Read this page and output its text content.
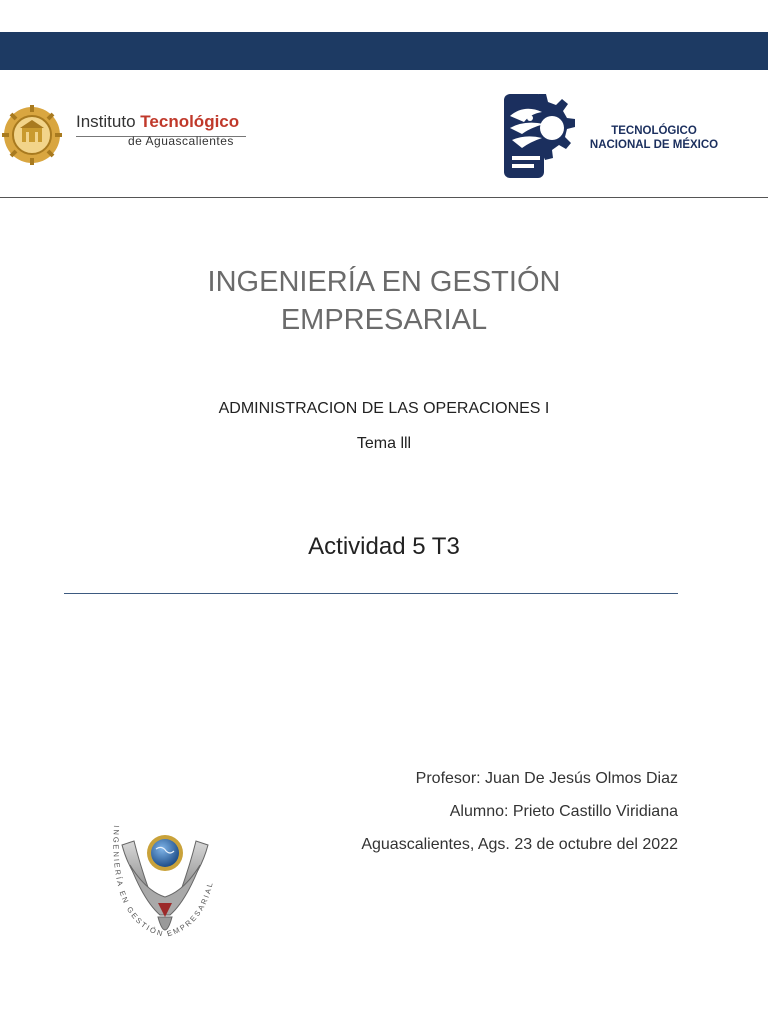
Instituto Tecnológico
de Aguascalientes
TECNOLÓGICO
NACIONAL DE MÉXICO
INGENIERÍA EN GESTIÓN
EMPRESARIAL
ADMINISTRACION DE LAS OPERACIONES I
Tema lll
Actividad 5 T3
Profesor: Juan De Jesús Olmos Diaz
Alumno: Prieto Castillo Viridiana
Aguascalientes, Ags. 23 de octubre del 2022
INGENIERÍA EN GESTIÓN EMPRESARIAL
